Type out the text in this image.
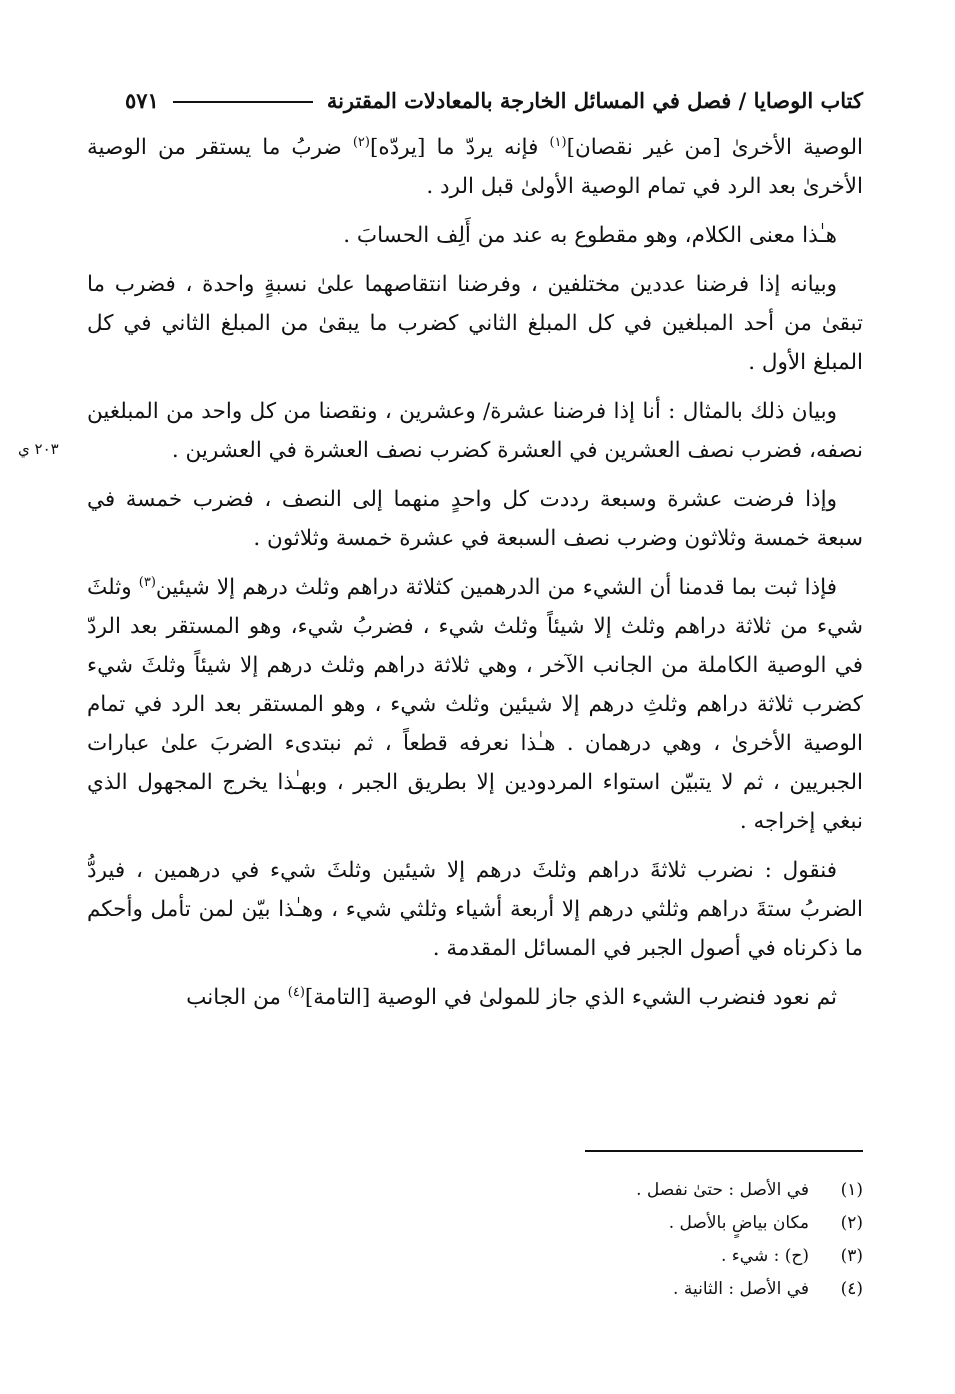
كتاب الوصايا / فصل في المسائل الخارجة بالمعادلات المقترنة
٥٧١
٢٠٣ ي

الوصية الأخرىٰ [من غير نقصان]$^{(١)}$ فإنه يردّ ما [يردّه]$^{(٢)}$ ضربُ ما يستقر من الوصية الأخرىٰ بعد الرد في تمام الوصية الأولىٰ قبل الرد .

هـٰذا معنى الكلام، وهو مقطوع به عند من أَلِف الحسابَ .

وبيانه إذا فرضنا عددين مختلفين ، وفرضنا انتقاصهما علىٰ نسبةٍ واحدة ، فضرب ما تبقىٰ من أحد المبلغين في كل المبلغ الثاني كضرب ما يبقىٰ من المبلغ الثاني في كل المبلغ الأول .

وبيان ذلك بالمثال : أنا إذا فرضنا عشرة/ وعشرين ، ونقصنا من كل واحد من المبلغين نصفه، فضرب نصف العشرين في العشرة كضرب نصف العشرة في العشرين .

وإذا فرضت عشرة وسبعة رددت كل واحدٍ منهما إلى النصف ، فضرب خمسة في سبعة خمسة وثلاثون وضرب نصف السبعة في عشرة خمسة وثلاثون .

فإذا ثبت بما قدمنا أن الشيء من الدرهمين كثلاثة دراهم وثلث درهم إلا شيئين$^{(٣)}$ وثلثَ شيء من ثلاثة دراهم وثلث إلا شيئاً وثلث شيء ، فضربُ شيء، وهو المستقر بعد الردّ في الوصية الكاملة من الجانب الآخر ، وهي ثلاثة دراهم وثلث درهم إلا شيئاً وثلثَ شيء كضرب ثلاثة دراهم وثلثِ درهم إلا شيئين وثلث شيء ، وهو المستقر بعد الرد في تمام الوصية الأخرىٰ ، وهي درهمان . هـٰذا نعرفه قطعاً ، ثم نبتدىء الضربَ علىٰ عبارات الجبريين ، ثم لا يتبيّن استواء المردودين إلا بطريق الجبر ، وبهـٰذا يخرج المجهول الذي نبغي إخراجه .

فنقول : نضرب ثلاثةَ دراهم وثلثَ درهم إلا شيئين وثلثَ شيء في درهمين ، فيردُّ الضربُ ستةَ دراهم وثلثي درهم إلا أربعة أشياء وثلثي شيء ، وهـٰذا بيّن لمن تأمل وأحكم ما ذكرناه في أصول الجبر في المسائل المقدمة .

ثم نعود فنضرب الشيء الذي جاز للمولىٰ في الوصية [التامة]$^{(٤)}$ من الجانب

(١)
في الأصل : حتىٰ نفصل .
(٢)
مكان بياضٍ بالأصل .
(٣)
(ح) : شيء .
(٤)
في الأصل : الثانية .
